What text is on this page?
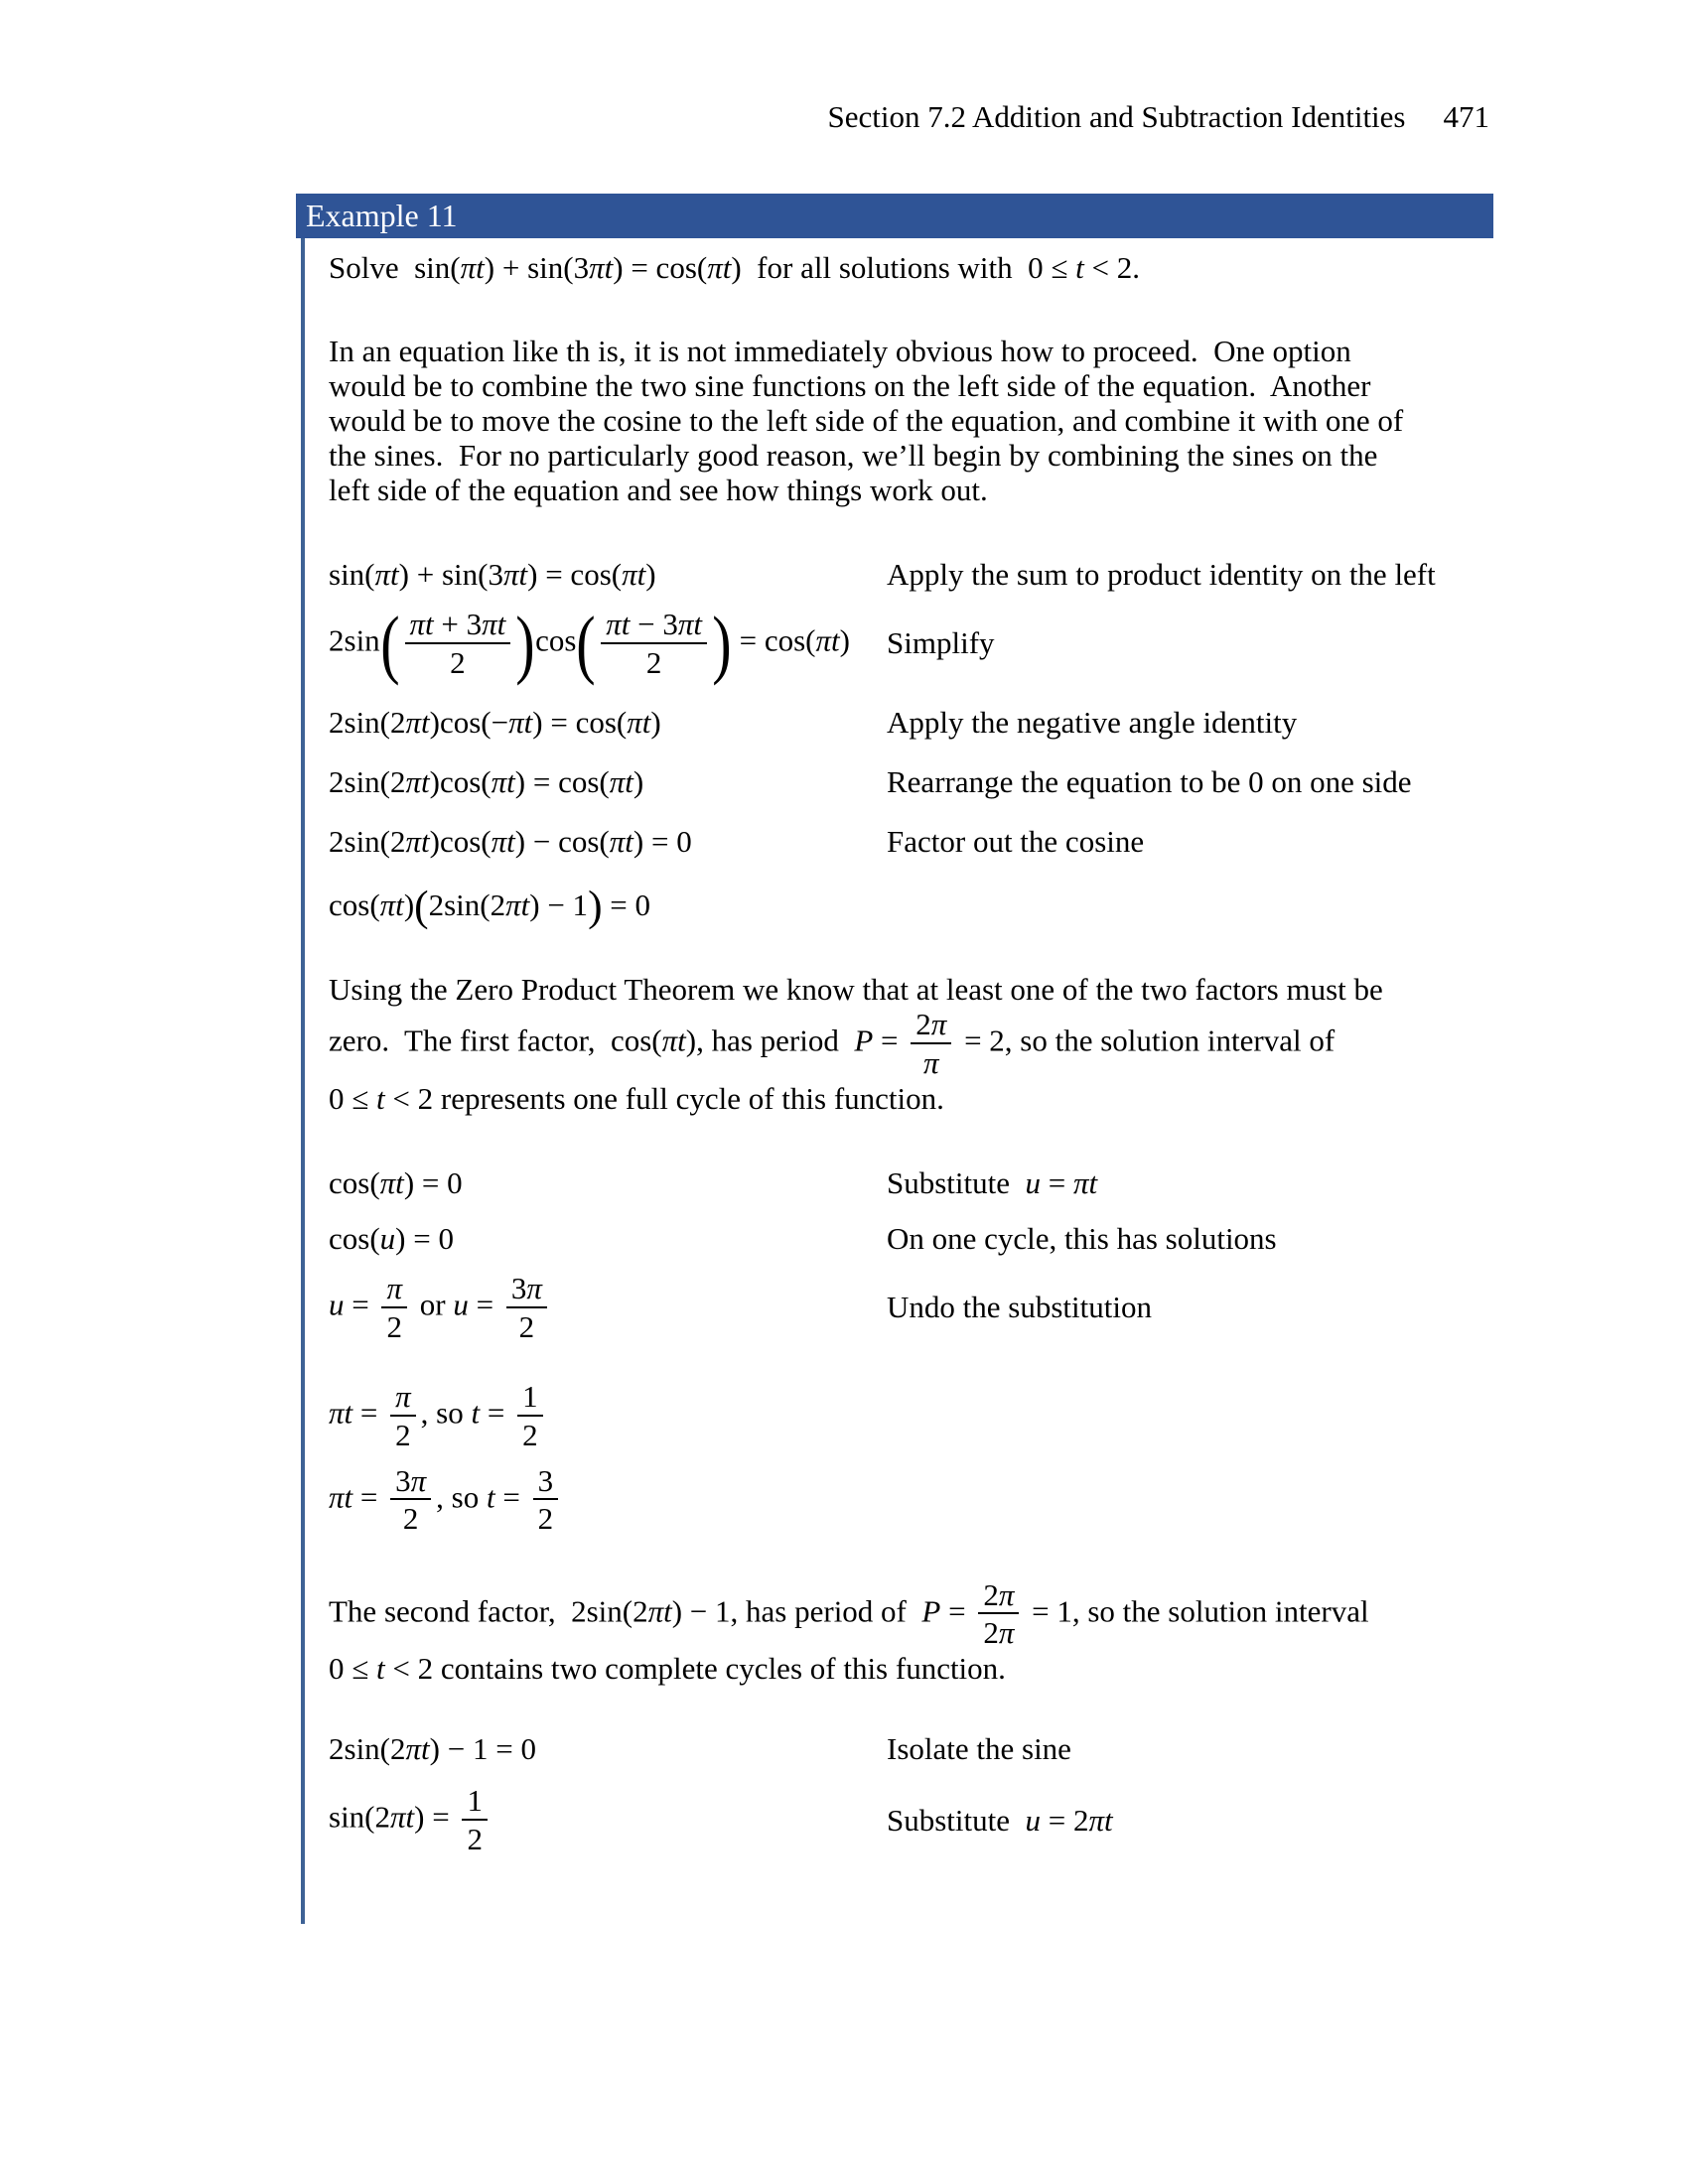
Section 7.2 Addition and Subtraction Identities 471
Example 11
Solve  sin(πt) + sin(3πt) = cos(πt)  for all solutions with  0 ≤ t < 2.
In an equation like th is, it is not immediately obvious how to proceed.  One option
would be to combine the two sine functions on the left side of the equation.  Another
would be to move the cosine to the left side of the equation, and combine it with one of
the sines.  For no particularly good reason, we’ll begin by combining the sines on the
left side of the equation and see how things work out.
sin(πt) + sin(3πt) = cos(πt)	Apply the sum to product identity on the left
$2\sin( \frac{\pi t + 3\pi t}{2} )\cos( \frac{\pi t - 3\pi t}{2}$ ) = cos(πt)	Simplify
2sin(2πt)cos(−πt) = cos(πt)	Apply the negative angle identity
2sin(2πt)cos(πt) = cos(πt)	Rearrange the equation to be 0 on one side
2sin(2πt)cos(πt) − cos(πt) = 0	Factor out the cosine
cos(πt)(2sin(2πt) − 1) = 0
Using the Zero Product Theorem we know that at least one of the two factors must be
zero.  The first factor,  cos(πt), has period  $P = \frac{2\pi}{\pi} = 2$, so the solution interval of
0 ≤ t < 2 represents one full cycle of this function.
cos(πt) = 0	Substitute  u = πt
cos(u) = 0	On one cycle, this has solutions
$u = \frac{\pi}{2}$ or $u = \frac{3\pi}{2}$	Undo the substitution
$\pi t = \frac{\pi}{2}$ , so $t = \frac{1}{2}$
$\pi t = \frac{3\pi}{2}$ , so $t = \frac{3}{2}$
The second factor,  2sin(2πt) − 1, has period of  $P = \frac{2\pi}{2\pi} = 1$, so the solution interval
0 ≤ t < 2 contains two complete cycles of this function.
2sin(2πt) − 1 = 0	Isolate the sine
$\sin(2\pi t) = \frac{1}{2}$	Substitute  u = 2πt
